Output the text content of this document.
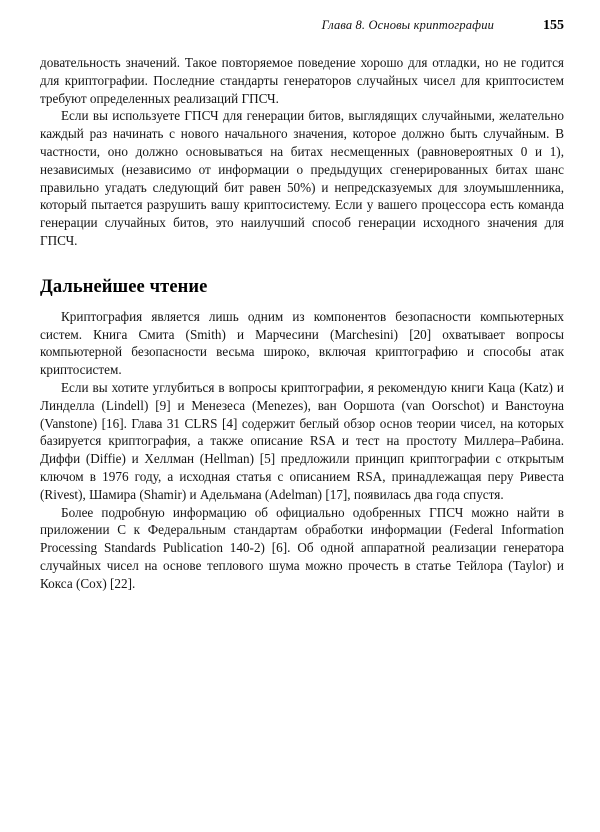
Глава 8. Основы криптографии	155

довательность значений. Такое повторяемое поведение хорошо для отладки, но не годится для криптографии. Последние стандарты генераторов случайных чисел для криптосистем требуют определенных реализаций ГПСЧ.

Если вы используете ГПСЧ для генерации битов, выглядящих случайными, желательно каждый раз начинать с нового начального значения, которое должно быть случайным. В частности, оно должно основываться на битах несмещенных (равновероятных 0 и 1), независимых (независимо от информации о предыдущих сгенерированных битах шанс правильно угадать следующий бит равен 50%) и непредсказуемых для злоумышленника, который пытается разрушить вашу криптосистему. Если у вашего процессора есть команда генерации случайных битов, это наилучший способ генерации исходного значения для ГПСЧ.

Дальнейшее чтение

Криптография является лишь одним из компонентов безопасности компьютерных систем. Книга Смита (Smith) и Марчесини (Marchesini) [20] охватывает вопросы компьютерной безопасности весьма широко, включая криптографию и способы атак криптосистем.

Если вы хотите углубиться в вопросы криптографии, я рекомендую книги Каца (Katz) и Линделла (Lindell) [9] и Менезеса (Menezes), ван Ооршота (van Oorschot) и Ванстоуна (Vanstone) [16]. Глава 31 CLRS [4] содержит беглый обзор основ теории чисел, на которых базируется криптография, а также описание RSA и тест на простоту Миллера–Рабина. Диффи (Diffie) и Хеллман (Hellman) [5] предложили принцип криптографии с открытым ключом в 1976 году, а исходная статья с описанием RSA, принадлежащая перу Ривеста (Rivest), Шамира (Shamir) и Адельмана (Adelman) [17], появилась два года спустя.

Более подробную информацию об официально одобренных ГПСЧ можно найти в приложении C к Федеральным стандартам обработки информации (Federal Information Processing Standards Publication 140-2) [6]. Об одной аппаратной реализации генератора случайных чисел на основе теплового шума можно прочесть в статье Тейлора (Taylor) и Кокса (Cox) [22].
